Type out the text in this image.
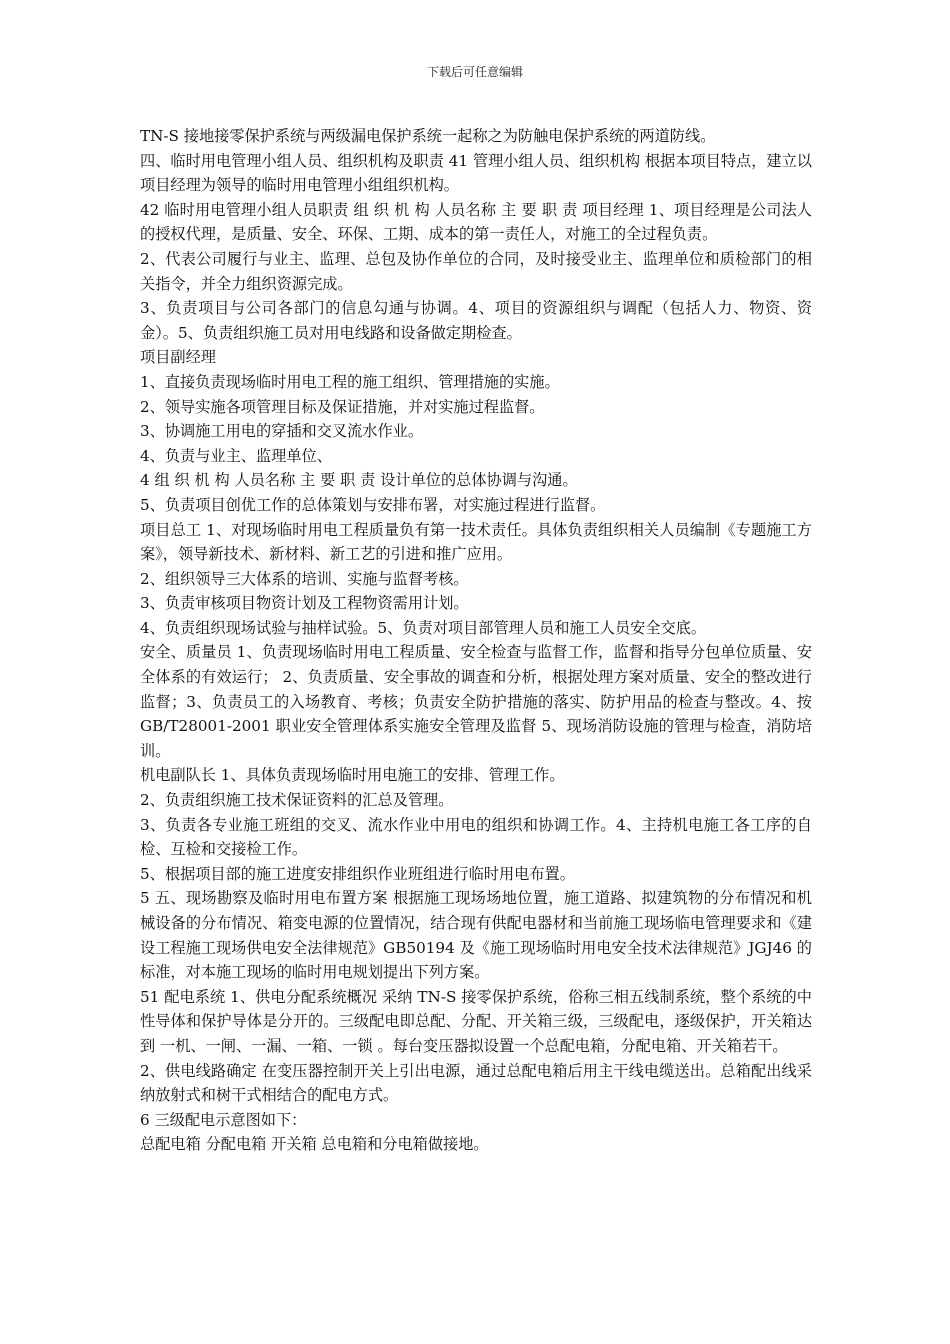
下载后可任意编辑

TN-S 接地接零保护系统与两级漏电保护系统一起称之为防触电保护系统的两道防线。

四、临时用电管理小组人员、组织机构及职责 41 管理小组人员、组织机构 根据本项目特点，建立以项目经理为领导的临时用电管理小组组织机构。

42 临时用电管理小组人员职责 组 织 机 构 人员名称 主 要 职 责 项目经理 1、项目经理是公司法人的授权代理，是质量、安全、环保、工期、成本的第一责任人，对施工的全过程负责。

2、代表公司履行与业主、监理、总包及协作单位的合同，及时接受业主、监理单位和质检部门的相关指令，并全力组织资源完成。

3、负责项目与公司各部门的信息勾通与协调。4、项目的资源组织与调配（包括人力、物资、资金）。5、负责组织施工员对用电线路和设备做定期检查。

项目副经理

1、直接负责现场临时用电工程的施工组织、管理措施的实施。

2、领导实施各项管理目标及保证措施，并对实施过程监督。

3、协调施工用电的穿插和交叉流水作业。

4、负责与业主、监理单位、

4 组 织 机 构 人员名称 主 要 职 责 设计单位的总体协调与沟通。

5、负责项目创优工作的总体策划与安排布署，对实施过程进行监督。

项目总工 1、对现场临时用电工程质量负有第一技术责任。具体负责组织相关人员编制《专题施工方案》，领导新技术、新材料、新工艺的引进和推广应用。

2、组织领导三大体系的培训、实施与监督考核。

3、负责审核项目物资计划及工程物资需用计划。

4、负责组织现场试验与抽样试验。5、负责对项目部管理人员和施工人员安全交底。

安全、质量员 1、负责现场临时用电工程质量、安全检查与监督工作，监督和指导分包单位质量、安全体系的有效运行； 2、负责质量、安全事故的调查和分析，根据处理方案对质量、安全的整改进行监督；3、负责员工的入场教育、考核；负责安全防护措施的落实、防护用品的检查与整改。4、按 GB/T28001-2001 职业安全管理体系实施安全管理及监督 5、现场消防设施的管理与检查，消防培训。

机电副队长 1、具体负责现场临时用电施工的安排、管理工作。

2、负责组织施工技术保证资料的汇总及管理。

3、负责各专业施工班组的交叉、流水作业中用电的组织和协调工作。4、主持机电施工各工序的自检、互检和交接检工作。

5、根据项目部的施工进度安排组织作业班组进行临时用电布置。

5 五、现场勘察及临时用电布置方案 根据施工现场场地位置，施工道路、拟建筑物的分布情况和机械设备的分布情况、箱变电源的位置情况，结合现有供配电器材和当前施工现场临电管理要求和《建设工程施工现场供电安全法律规范》GB50194 及《施工现场临时用电安全技术法律规范》JGJ46 的标准，对本施工现场的临时用电规划提出下列方案。

51 配电系统 1、供电分配系统概况 采纳 TN-S 接零保护系统，俗称三相五线制系统，整个系统的中性导体和保护导体是分开的。三级配电即总配、分配、开关箱三级，三级配电，逐级保护，开关箱达到 一机、一闸、一漏、一箱、一锁 。每台变压器拟设置一个总配电箱，分配电箱、开关箱若干。

2、供电线路确定 在变压器控制开关上引出电源，通过总配电箱后用主干线电缆送出。总箱配出线采纳放射式和树干式相结合的配电方式。

6 三级配电示意图如下：

总配电箱 分配电箱 开关箱 总电箱和分电箱做接地。
